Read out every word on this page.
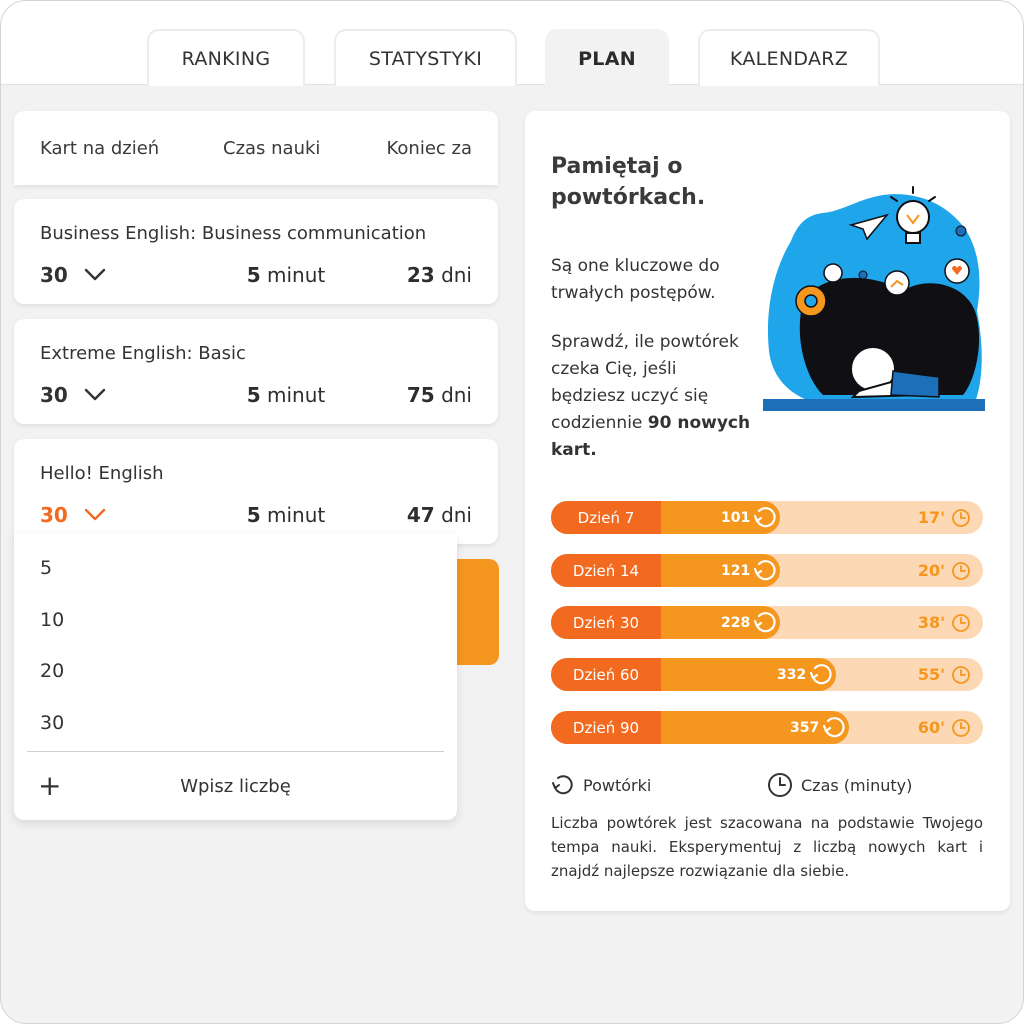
RANKING	STATYSTYKI	PLAN	KALENDARZ
Kart na dzień	Czas nauki	Koniec za
Business English: Business communication
30	5 minut	23 dni
Extreme English: Basic
30	5 minut	75 dni
Hello! English
30	5 minut	47 dni
5
10
20
30
+	Wpisz liczbę
Pamiętaj o powtórkach.
Są one kluczowe do trwałych postępów.
Sprawdź, ile powtórek czeka Cię, jeśli będziesz uczyć się codziennie 90 nowych kart.
Dzień 7	101	17'
Dzień 14	121	20'
Dzień 30	228	38'
Dzień 60	332	55'
Dzień 90	357	60'
Powtórki	Czas (minuty)
Liczba powtórek jest szacowana na podstawie Twojego tempa nauki. Eksperymentuj z liczbą nowych kart i znajdź najlepsze rozwiązanie dla siebie.
